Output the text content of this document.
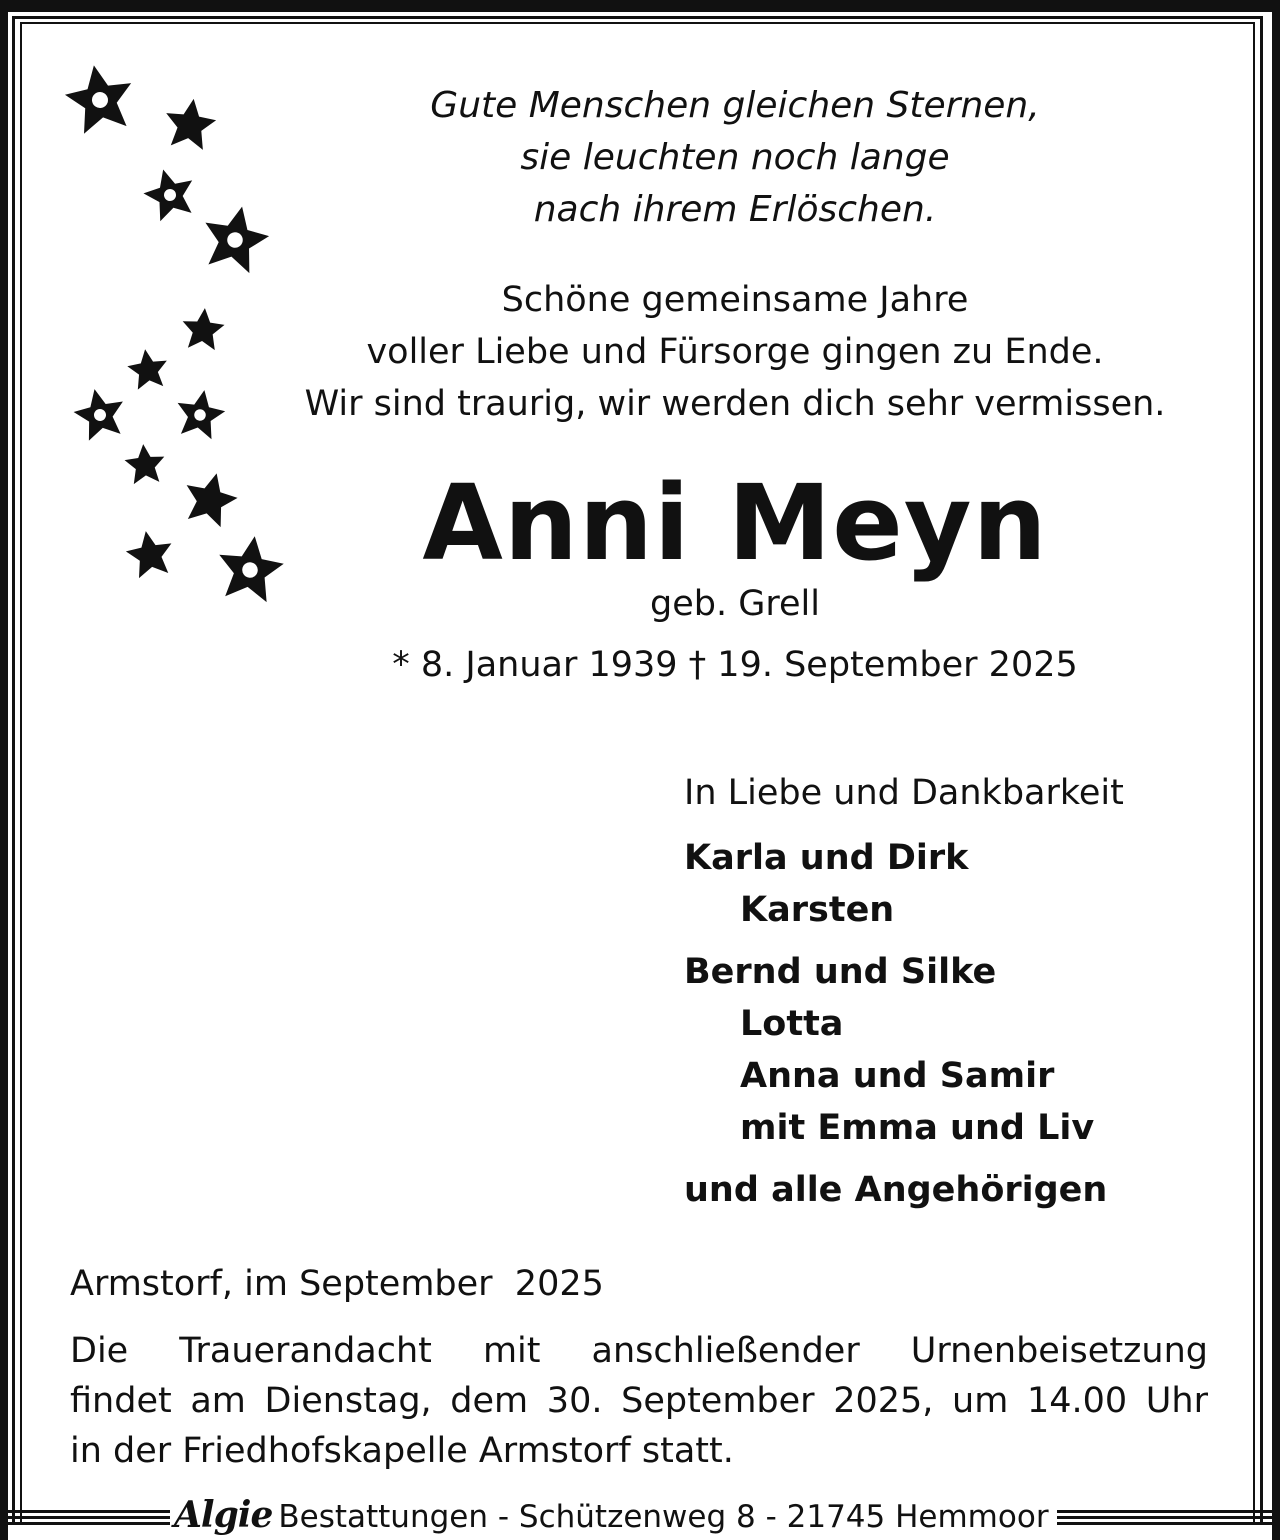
Gute Menschen gleichen Sternen,
sie leuchten noch lange
nach ihrem Erlöschen.
Schöne gemeinsame Jahre
voller Liebe und Fürsorge gingen zu Ende.
Wir sind traurig, wir werden dich sehr vermissen.
Anni Meyn
geb. Grell
* 8. Januar 1939 † 19. September 2025
In Liebe und Dankbarkeit
Karla und Dirk
Karsten
Bernd und Silke
Lotta
Anna und Samir
mit Emma und Liv
und alle Angehörigen
Armstorf, im September  2025
Die Trauerandacht mit anschließender Urnenbeisetzung
findet am Dienstag, dem 30. September 2025, um 14.00 Uhr
in der Friedhofskapelle Armstorf statt.
Algie Bestattungen - Schützenweg 8 - 21745 Hemmoor
